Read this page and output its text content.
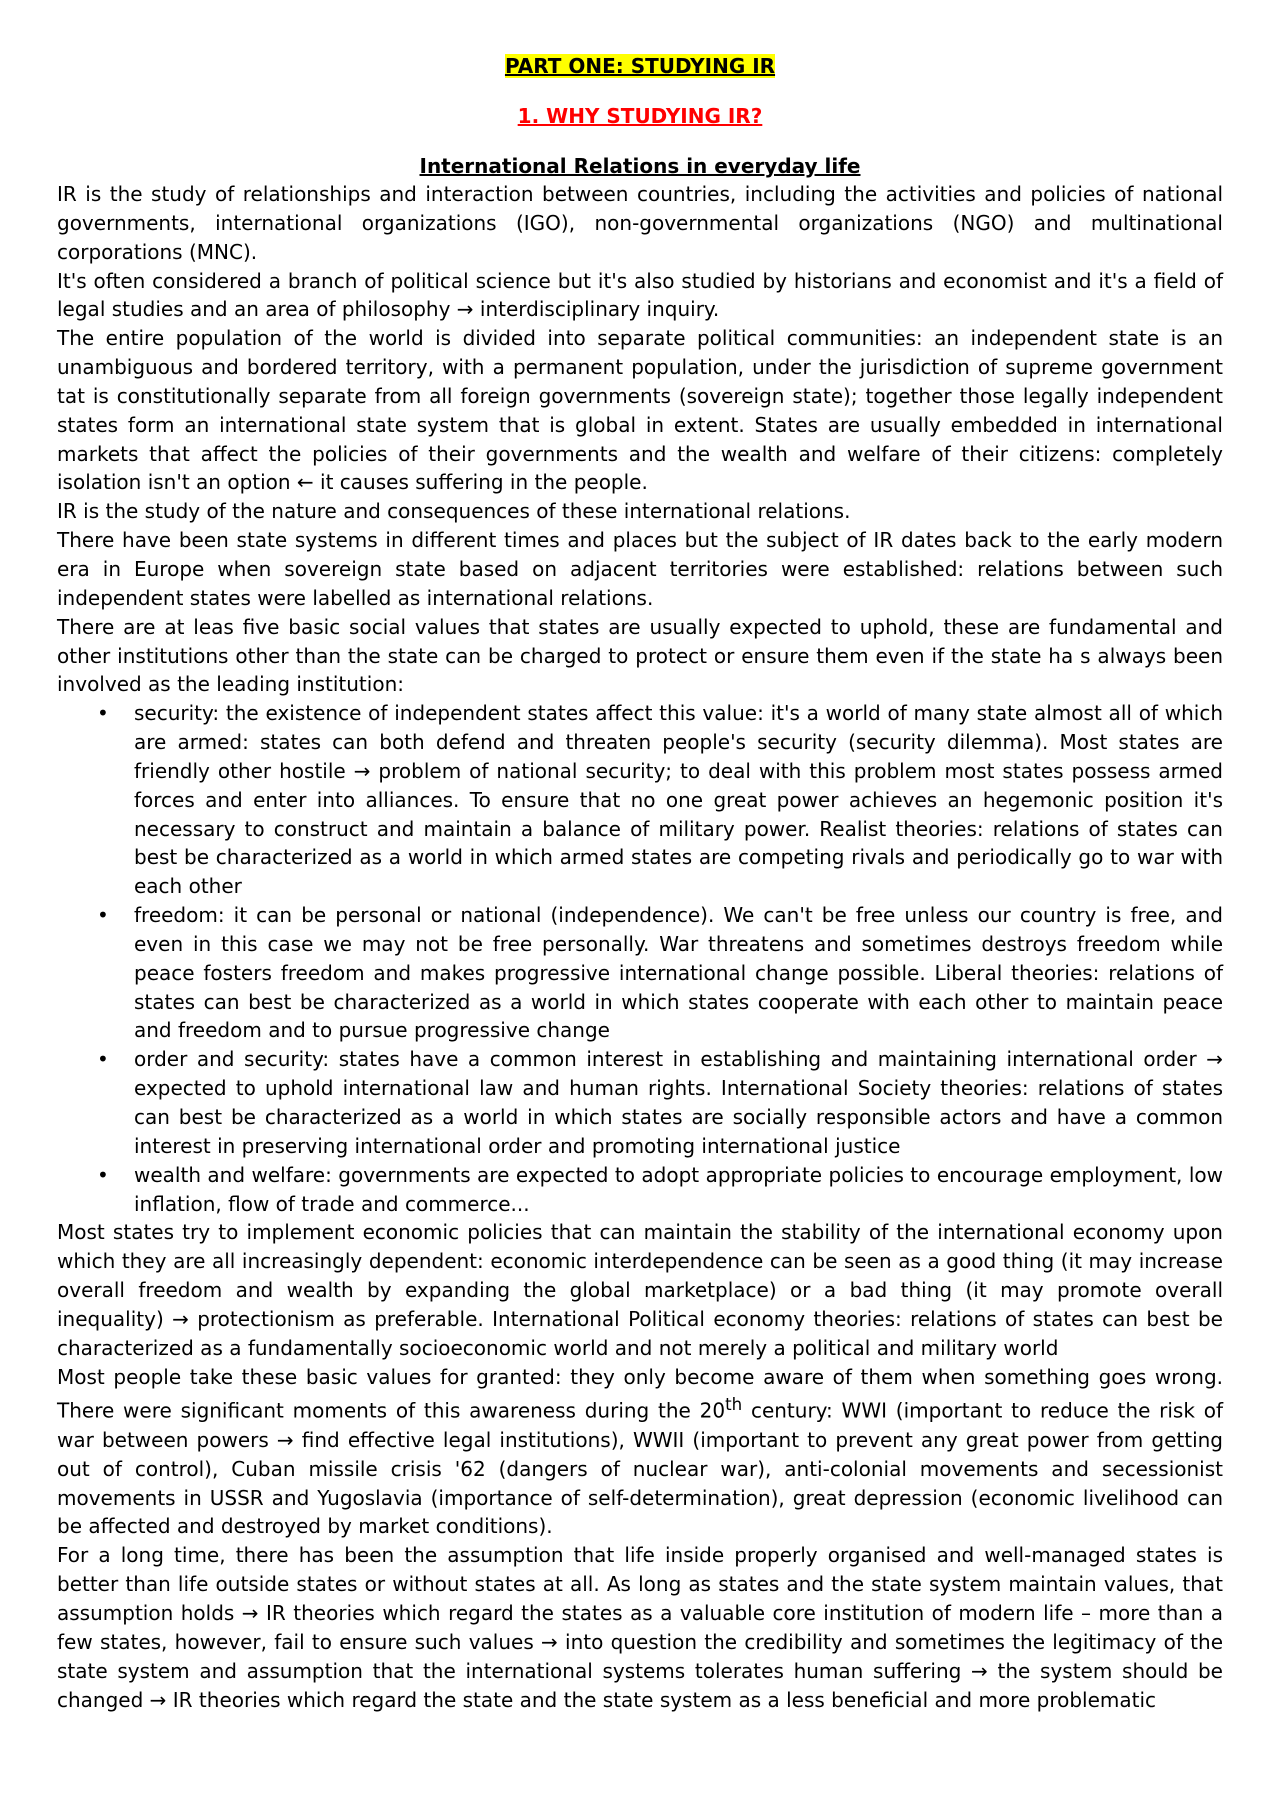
PART ONE: STUDYING IR
1. WHY STUDYING IR?
International Relations in everyday life

IR is the study of relationships and interaction between countries, including the activities and policies of national governments, international organizations (IGO), non-governmental organizations (NGO) and multinational corporations (MNC).

It's often considered a branch of political science but it's also studied by historians and economist and it's a field of legal studies and an area of philosophy → interdisciplinary inquiry.

The entire population of the world is divided into separate political communities: an independent state is an unambiguous and bordered territory, with a permanent population, under the jurisdiction of supreme government tat is constitutionally separate from all foreign governments (sovereign state); together those legally independent states form an international state system that is global in extent. States are usually embedded in international markets that affect the policies of their governments and the wealth and welfare of their citizens: completely isolation isn't an option ← it causes suffering in the people.

IR is the study of the nature and consequences of these international relations.

There have been state systems in different times and places but the subject of IR dates back to the early modern era in Europe when sovereign state based on adjacent territories were established: relations between such independent states were labelled as international relations.

There are at leas five basic social values that states are usually expected to uphold, these are fundamental and other institutions other than the state can be charged to protect or ensure them even if the state ha s always been involved as the leading institution:

• security: the existence of independent states affect this value: it's a world of many state almost all of which are armed: states can both defend and threaten people's security (security dilemma). Most states are friendly other hostile → problem of national security; to deal with this problem most states possess armed forces and enter into alliances. To ensure that no one great power achieves an hegemonic position it's necessary to construct and maintain a balance of military power. Realist theories: relations of states can best be characterized as a world in which armed states are competing rivals and periodically go to war with each other
• freedom: it can be personal or national (independence). We can't be free unless our country is free, and even in this case we may not be free personally. War threatens and sometimes destroys freedom while peace fosters freedom and makes progressive international change possible. Liberal theories: relations of states can best be characterized as a world in which states cooperate with each other to maintain peace and freedom and to pursue progressive change
• order and security: states have a common interest in establishing and maintaining international order → expected to uphold international law and human rights. International Society theories: relations of states can best be characterized as a world in which states are socially responsible actors and have a common interest in preserving international order and promoting international justice
• wealth and welfare: governments are expected to adopt appropriate policies to encourage employment, low inflation, flow of trade and commerce...

Most states try to implement economic policies that can maintain the stability of the international economy upon which they are all increasingly dependent: economic interdependence can be seen as a good thing (it may increase overall freedom and wealth by expanding the global marketplace) or a bad thing (it may promote overall inequality) → protectionism as preferable. International Political economy theories: relations of states can best be characterized as a fundamentally socioeconomic world and not merely a political and military world

Most people take these basic values for granted: they only become aware of them when something goes wrong. There were significant moments of this awareness during the 20th century: WWI (important to reduce the risk of war between powers → find effective legal institutions), WWII (important to prevent any great power from getting out of control), Cuban missile crisis '62 (dangers of nuclear war), anti-colonial movements and secessionist movements in USSR and Yugoslavia (importance of self-determination), great depression (economic livelihood can be affected and destroyed by market conditions).

For a long time, there has been the assumption that life inside properly organised and well-managed states is better than life outside states or without states at all. As long as states and the state system maintain values, that assumption holds → IR theories which regard the states as a valuable core institution of modern life – more than a few states, however, fail to ensure such values → into question the credibility and sometimes the legitimacy of the state system and assumption that the international systems tolerates human suffering → the system should be changed → IR theories which regard the state and the state system as a less beneficial and more problematic
